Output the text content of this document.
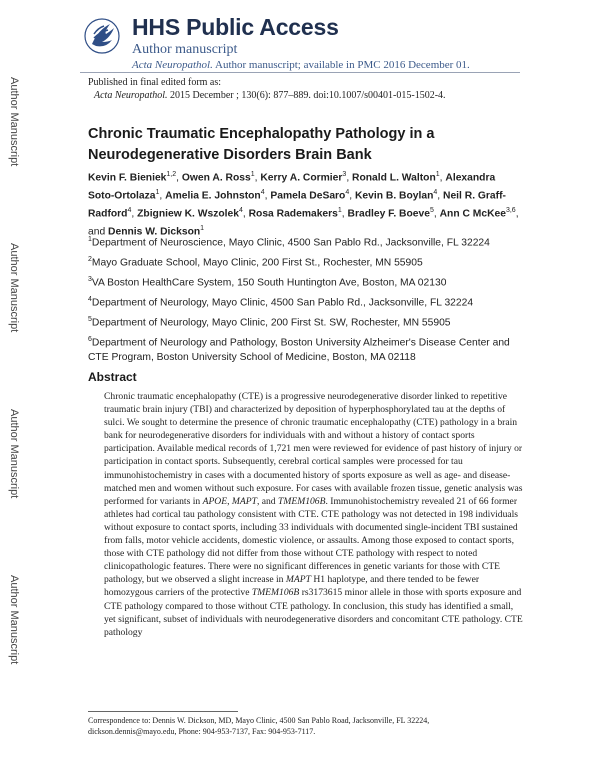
Author Manuscript
Author Manuscript
Author Manuscript
Author Manuscript
HHS Public Access
Author manuscript
Acta Neuropathol. Author manuscript; available in PMC 2016 December 01.
Published in final edited form as:
Acta Neuropathol. 2015 December ; 130(6): 877–889. doi:10.1007/s00401-015-1502-4.
Chronic Traumatic Encephalopathy Pathology in a Neurodegenerative Disorders Brain Bank
Kevin F. Bieniek$^{1,2}$, Owen A. Ross$^1$, Kerry A. Cormier$^3$, Ronald L. Walton$^1$, Alexandra Soto-Ortolaza$^1$, Amelia E. Johnston$^4$, Pamela DeSaro$^4$, Kevin B. Boylan$^4$, Neil R. Graff-Radford$^4$, Zbigniew K. Wszolek$^4$, Rosa Rademakers$^1$, Bradley F. Boeve$^5$, Ann C McKee$^{3,6}$, and Dennis W. Dickson$^1$
$^1$Department of Neuroscience, Mayo Clinic, 4500 San Pablo Rd., Jacksonville, FL 32224
$^2$Mayo Graduate School, Mayo Clinic, 200 First St., Rochester, MN 55905
$^3$VA Boston HealthCare System, 150 South Huntington Ave, Boston, MA 02130
$^4$Department of Neurology, Mayo Clinic, 4500 San Pablo Rd., Jacksonville, FL 32224
$^5$Department of Neurology, Mayo Clinic, 200 First St. SW, Rochester, MN 55905
$^6$Department of Neurology and Pathology, Boston University Alzheimer's Disease Center and CTE Program, Boston University School of Medicine, Boston, MA 02118
Abstract

Chronic traumatic encephalopathy (CTE) is a progressive neurodegenerative disorder linked to repetitive traumatic brain injury (TBI) and characterized by deposition of hyperphosphorylated tau at the depths of sulci. We sought to determine the presence of chronic traumatic encephalopathy (CTE) pathology in a brain bank for neurodegenerative disorders for individuals with and without a history of contact sports participation. Available medical records of 1,721 men were reviewed for evidence of past history of injury or participation in contact sports. Subsequently, cerebral cortical samples were processed for tau immunohistochemistry in cases with a documented history of sports exposure as well as age- and disease-matched men and women without such exposure. For cases with available frozen tissue, genetic analysis was performed for variants in APOE, MAPT, and TMEM106B. Immunohistochemistry revealed 21 of 66 former athletes had cortical tau pathology consistent with CTE. CTE pathology was not detected in 198 individuals without exposure to contact sports, including 33 individuals with documented single-incident TBI sustained from falls, motor vehicle accidents, domestic violence, or assaults. Among those exposed to contact sports, those with CTE pathology did not differ from those without CTE pathology with respect to noted clinicopathologic features. There were no significant differences in genetic variants for those with CTE pathology, but we observed a slight increase in MAPT H1 haplotype, and there tended to be fewer homozygous carriers of the protective TMEM106B rs3173615 minor allele in those with sports exposure and CTE pathology compared to those without CTE pathology. In conclusion, this study has identified a small, yet significant, subset of individuals with neurodegenerative disorders and concomitant CTE pathology. CTE pathology

Correspondence to: Dennis W. Dickson, MD, Mayo Clinic, 4500 San Pablo Road, Jacksonville, FL 32224,
dickson.dennis@mayo.edu, Phone: 904-953-7137, Fax: 904-953-7117.
